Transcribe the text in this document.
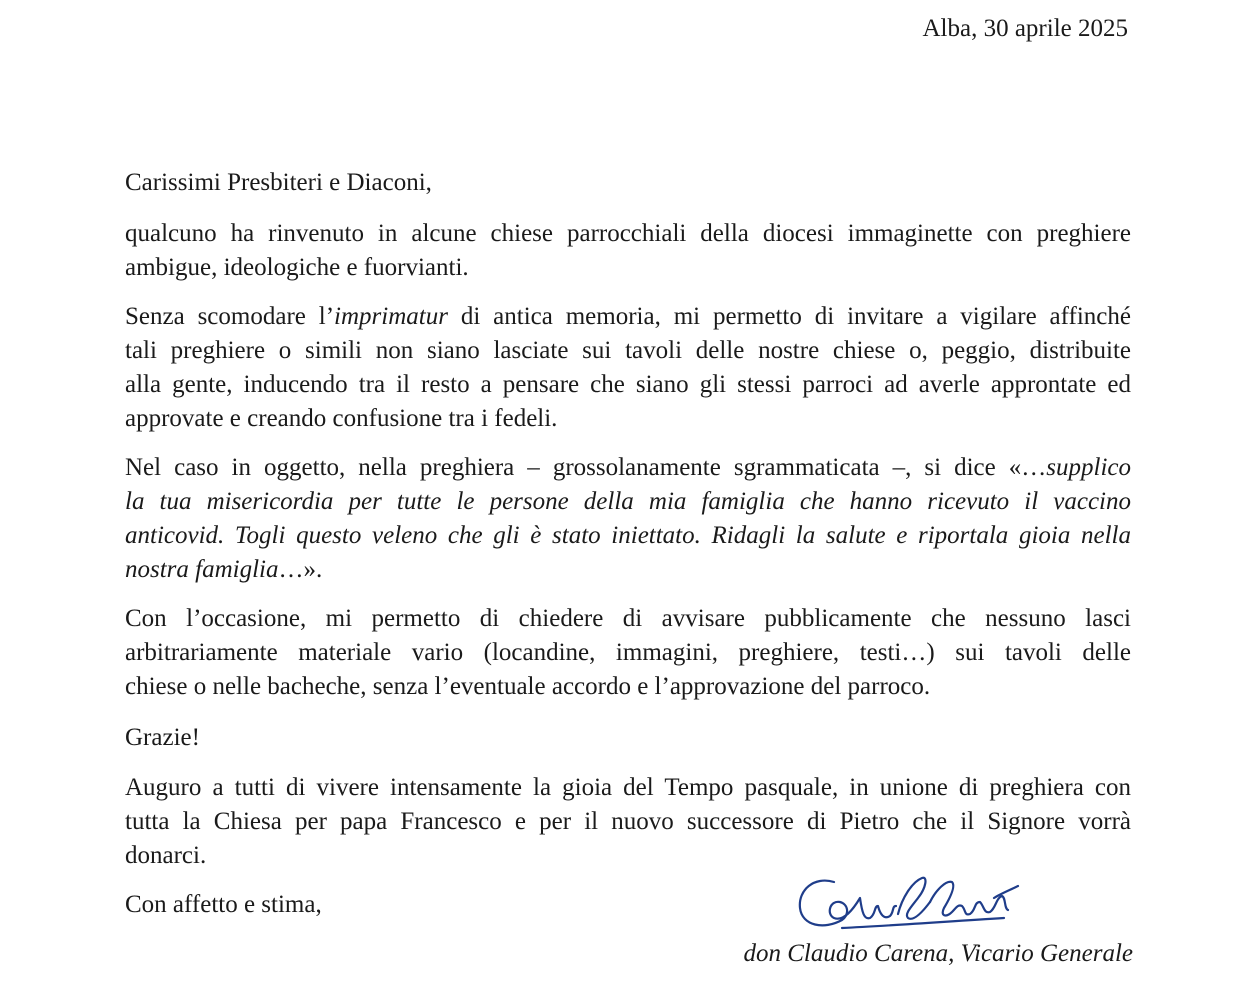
Alba, 30 aprile 2025
Carissimi Presbiteri e Diaconi,
qualcuno ha rinvenuto in alcune chiese parrocchiali della diocesi immaginette con preghiere
ambigue, ideologiche e fuorvianti.
Senza scomodare l’imprimatur di antica memoria, mi permetto di invitare a vigilare affinché
tali preghiere o simili non siano lasciate sui tavoli delle nostre chiese o, peggio, distribuite
alla gente, inducendo tra il resto a pensare che siano gli stessi parroci ad averle approntate ed
approvate e creando confusione tra i fedeli.
Nel caso in oggetto, nella preghiera – grossolanamente sgrammaticata –, si dice «…supplico
la tua misericordia per tutte le persone della mia famiglia che hanno ricevuto il vaccino
anticovid. Togli questo veleno che gli è stato iniettato. Ridagli la salute e riportala gioia nella
nostra famiglia…».
Con l’occasione, mi permetto di chiedere di avvisare pubblicamente che nessuno lasci
arbitrariamente materiale vario (locandine, immagini, preghiere, testi…) sui tavoli delle
chiese o nelle bacheche, senza l’eventuale accordo e l’approvazione del parroco.
Grazie!
Auguro a tutti di vivere intensamente la gioia del Tempo pasquale, in unione di preghiera con
tutta la Chiesa per papa Francesco e per il nuovo successore di Pietro che il Signore vorrà
donarci.
Con affetto e stima,
don Claudio Carena, Vicario Generale
